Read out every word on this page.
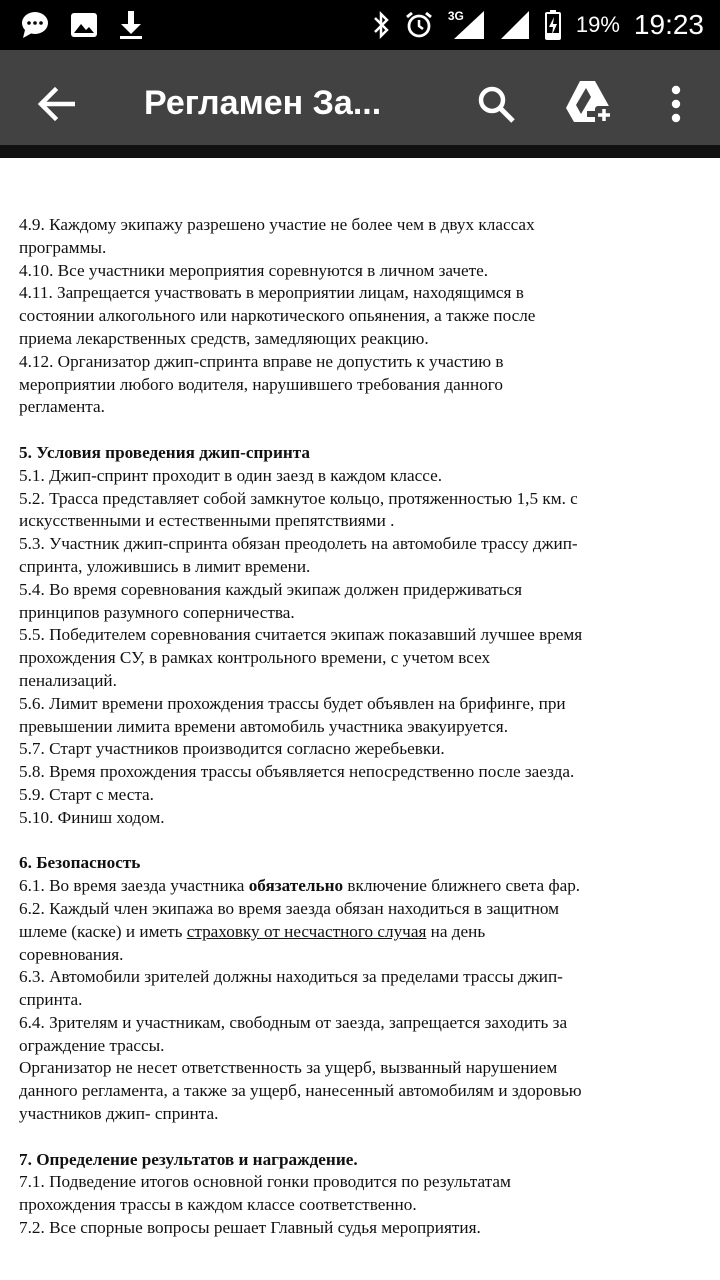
3G	19% 19:23
Регламен За...
4.9. Каждому экипажу разрешено участие не более чем в двух классах
программы.
4.10. Все участники мероприятия соревнуются в личном зачете.
4.11. Запрещается участвовать в мероприятии лицам, находящимся в
состоянии алкогольного или наркотического опьянения, а также после
приема лекарственных средств, замедляющих реакцию.
4.12. Организатор джип-спринта вправе не допустить к участию в
мероприятии любого водителя, нарушившего требования данного
регламента.
5. Условия проведения джип-спринта
5.1. Джип-спринт проходит в один заезд в каждом классе.
5.2. Трасса представляет собой замкнутое кольцо, протяженностью 1,5 км. с
искусственными и естественными препятствиями .
5.3. Участник джип-спринта обязан преодолеть на автомобиле трассу джип-
спринта, уложившись в лимит времени.
5.4. Во время соревнования каждый экипаж должен придерживаться
принципов разумного соперничества.
5.5. Победителем соревнования считается экипаж показавший лучшее время
прохождения СУ, в рамках контрольного времени, с учетом всех
пенализаций.
5.6. Лимит времени прохождения трассы будет объявлен на брифинге, при
превышении лимита времени автомобиль участника эвакуируется.
5.7. Старт участников производится согласно жеребьевки.
5.8. Время прохождения трассы объявляется непосредственно после заезда.
5.9. Старт с места.
5.10. Финиш ходом.
6. Безопасность
6.1. Во время заезда участника обязательно включение ближнего света фар.
6.2. Каждый член экипажа во время заезда обязан находиться в защитном
шлеме (каске) и иметь страховку от несчастного случая на день
соревнования.
6.3. Автомобили зрителей должны находиться за пределами трассы джип-
спринта.
6.4. Зрителям и участникам, свободным от заезда, запрещается заходить за
ограждение трассы.
Организатор не несет ответственность за ущерб, вызванный нарушением
данного регламента, а также за ущерб, нанесенный автомобилям и здоровью
участников джип- спринта.
7. Определение результатов и награждение.
7.1. Подведение итогов основной гонки проводится по результатам
прохождения трассы в каждом классе соответственно.
7.2. Все спорные вопросы решает Главный судья мероприятия.
